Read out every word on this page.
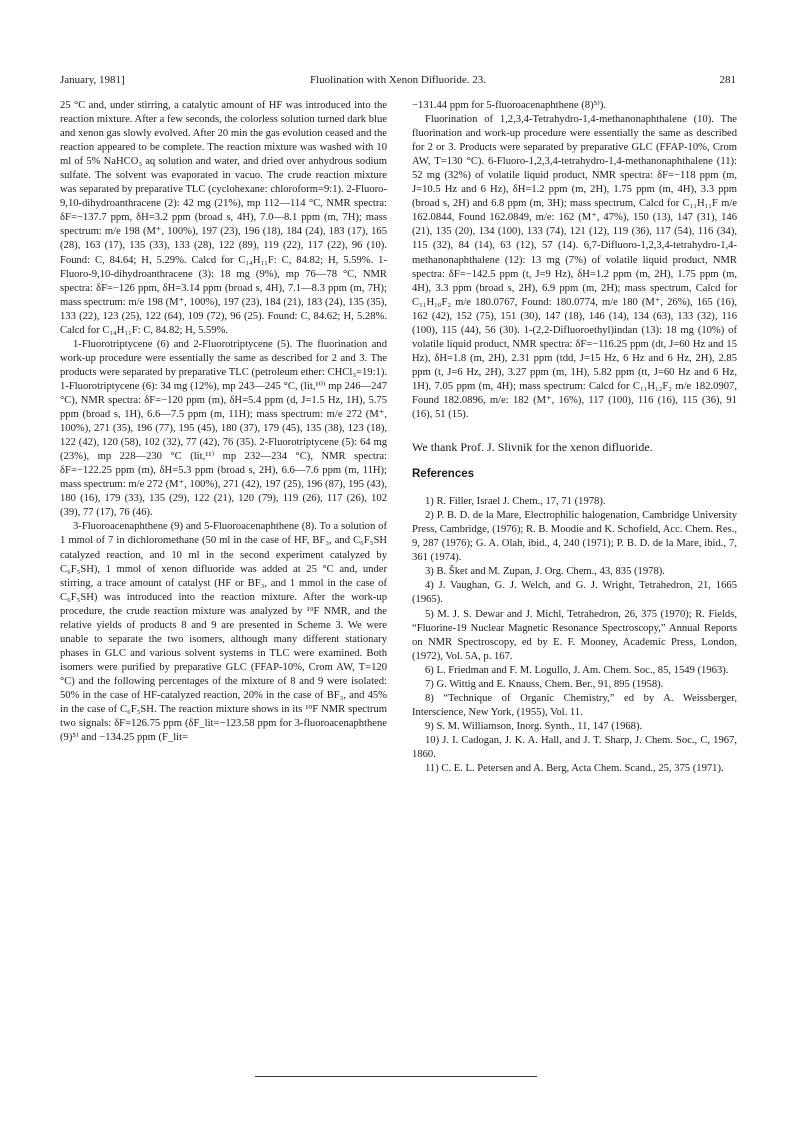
January, 1981]	Fluolination with Xenon Difluoride. 23.	281

25 °C and, under stirring, a catalytic amount of HF was introduced into the reaction mixture. After a few seconds, the colorless solution turned dark blue and xenon gas slowly evolved. After 20 min the gas evolution ceased and the reaction appeared to be complete. The reaction mixture was washed with 10 ml of 5% NaHCO₃ aq solution and water, and dried over anhydrous sodium sulfate. The solvent was evaporated in vacuo. The crude reaction mixture was separated by preparative TLC (cyclohexane: chloroform=9:1). 2-Fluoro-9,10-dihydroanthracene (2): 42 mg (21%), mp 112—114 °C, NMR spectra: δF=−137.7 ppm, δH=3.2 ppm (broad s, 4H), 7.0—8.1 ppm (m, 7H); mass spectrum: m/e 198 (M⁺, 100%), 197 (23), 196 (18), 184 (24), 183 (17), 165 (28), 163 (17), 135 (33), 133 (28), 122 (89), 119 (22), 117 (22), 96 (10). Found: C, 84.64; H, 5.29%. Calcd for C₁₄H₁₁F: C, 84.82; H, 5.59%. 1-Fluoro-9,10-dihydroanthracene (3): 18 mg (9%), mp 76—78 °C, NMR spectra: δF=−126 ppm, δH=3.14 ppm (broad s, 4H), 7.1—8.3 ppm (m, 7H); mass spectrum: m/e 198 (M⁺, 100%), 197 (23), 184 (21), 183 (24), 135 (35), 133 (22), 123 (25), 122 (64), 109 (72), 96 (25). Found: C, 84.62; H, 5.28%. Calcd for C₁₄H₁₁F: C, 84.82; H, 5.59%.

1-Fluorotriptycene (6) and 2-Fluorotriptycene (5). The fluorination and work-up procedure were essentially the same as described for 2 and 3. The products were separated by preparative TLC (petroleum ether: CHCl₃=19:1). 1-Fluorotriptycene (6): 34 mg (12%), mp 243—245 °C, (lit,¹⁰⁾ mp 246—247 °C), NMR spectra: δF=−120 ppm (m), δH=5.4 ppm (d, J=1.5 Hz, 1H), 5.75 ppm (broad s, 1H), 6.6—7.5 ppm (m, 11H); mass spectrum: m/e 272 (M⁺, 100%), 271 (35), 196 (77), 195 (45), 180 (37), 179 (45), 135 (38), 123 (18), 122 (42), 120 (58), 102 (32), 77 (42), 76 (35). 2-Fluorotriptycene (5): 64 mg (23%), mp 228—230 °C (lit,¹¹⁾ mp 232—234 °C), NMR spectra: δF=−122.25 ppm (m), δH=5.3 ppm (broad s, 2H), 6.6—7.6 ppm (m, 11H); mass spectrum: m/e 272 (M⁺, 100%), 271 (42), 197 (25), 196 (87), 195 (43), 180 (16), 179 (33), 135 (29), 122 (21), 120 (79), 119 (26), 117 (26), 102 (39), 77 (17), 76 (46).

3-Fluoroacenaphthene (9) and 5-Fluoroacenaphthene (8). To a solution of 1 mmol of 7 in dichloromethane (50 ml in the case of HF, BF₃, and C₆F₅SH catalyzed reaction, and 10 ml in the second experiment catalyzed by C₆F₅SH), 1 mmol of xenon difluoride was added at 25 °C and, under stirring, a trace amount of catalyst (HF or BF₃, and 1 mmol in the case of C₆F₅SH) was introduced into the reaction mixture. After the work-up procedure, the crude reaction mixture was analyzed by ¹⁹F NMR, and the relative yields of products 8 and 9 are presented in Scheme 3. We were unable to separate the two isomers, although many different stationary phases in GLC and various solvent systems in TLC were examined. Both isomers were purified by preparative GLC (FFAP-10%, Crom AW, T=120 °C) and the following percentages of the mixture of 8 and 9 were isolated: 50% in the case of HF-catalyzed reaction, 20% in the case of BF₃, and 45% in the case of C₆F₅SH. The reaction mixture shows in its ¹⁹F NMR spectrum two signals: δF=126.75 ppm (δF_lit=−123.58 ppm for 3-fluoroacenaphthene (9)⁵⁾ and −134.25 ppm (F_lit=

−131.44 ppm for 5-fluoroacenaphthene (8)⁵⁾).

Fluorination of 1,2,3,4-Tetrahydro-1,4-methanonaphthalene (10). The fluorination and work-up procedure were essentially the same as described for 2 or 3. Products were separated by preparative GLC (FFAP-10%, Crom AW, T=130 °C). 6-Fluoro-1,2,3,4-tetrahydro-1,4-methanonaphthalene (11): 52 mg (32%) of volatile liquid product, NMR spectra: δF=−118 ppm (m, J=10.5 Hz and 6 Hz), δH=1.2 ppm (m, 2H), 1.75 ppm (m, 4H), 3.3 ppm (broad s, 2H) and 6.8 ppm (m, 3H); mass spectrum, Calcd for C₁₁H₁₁F m/e 162.0844, Found 162.0849, m/e: 162 (M⁺, 47%), 150 (13), 147 (31), 146 (21), 135 (20), 134 (100), 133 (74), 121 (12), 119 (36), 117 (54), 116 (34), 115 (32), 84 (14), 63 (12), 57 (14). 6,7-Difluoro-1,2,3,4-tetrahydro-1,4-methanonaphthalene (12): 13 mg (7%) of volatile liquid product, NMR spectra: δF=−142.5 ppm (t, J=9 Hz), δH=1.2 ppm (m, 2H), 1.75 ppm (m, 4H), 3.3 ppm (broad s, 2H), 6.9 ppm (m, 2H); mass spectrum, Calcd for C₁₁H₁₀F₂ m/e 180.0767, Found: 180.0774, m/e 180 (M⁺, 26%), 165 (16), 162 (42), 152 (75), 151 (30), 147 (18), 146 (14), 134 (63), 133 (32), 116 (100), 115 (44), 56 (30). 1-(2,2-Difluoroethyl)indan (13): 18 mg (10%) of volatile liquid product, NMR spectra: δF=−116.25 ppm (dt, J=60 Hz and 15 Hz), δH=1.8 (m, 2H), 2.31 ppm (tdd, J=15 Hz, 6 Hz and 6 Hz, 2H), 2.85 ppm (t, J=6 Hz, 2H), 3.27 ppm (m, 1H), 5.82 ppm (tt, J=60 Hz and 6 Hz, 1H), 7.05 ppm (m, 4H); mass spectrum: Calcd for C₁₁H₁₂F₂ m/e 182.0907, Found 182.0896, m/e: 182 (M⁺, 16%), 117 (100), 116 (16), 115 (36), 91 (16), 51 (15).

We thank Prof. J. Slivnik for the xenon difluoride.

References

1) R. Filler, Israel J. Chem., 17, 71 (1978).

2) P. B. D. de la Mare, Electrophilic halogenation, Cambridge University Press, Cambridge, (1976); R. B. Moodie and K. Schofield, Acc. Chem. Res., 9, 287 (1976); G. A. Olah, ibid., 4, 240 (1971); P. B. D. de la Mare, ibid., 7, 361 (1974).

3) B. Šket and M. Zupan, J. Org. Chem., 43, 835 (1978).

4) J. Vaughan, G. J. Welch, and G. J. Wright, Tetrahedron, 21, 1665 (1965).

5) M. J. S. Dewar and J. Michl, Tetrahedron, 26, 375 (1970); R. Fields, “Fluorine-19 Nuclear Magnetic Resonance Spectroscopy,” Annual Reports on NMR Spectroscopy, ed by E. F. Mooney, Academic Press, London, (1972), Vol. 5A, p. 167.

6) L. Friedman and F. M. Logullo, J. Am. Chem. Soc., 85, 1549 (1963).

7) G. Wittig and E. Knauss, Chem. Ber., 91, 895 (1958).

8) “Technique of Organic Chemistry,” ed by A. Weissberger, Interscience, New York, (1955), Vol. 11.

9) S. M. Williamson, Inorg. Synth., 11, 147 (1968).

10) J. I. Cadogan, J. K. A. Hall, and J. T. Sharp, J. Chem. Soc., C, 1967, 1860.

11) C. E. L. Petersen and A. Berg, Acta Chem. Scand., 25, 375 (1971).
